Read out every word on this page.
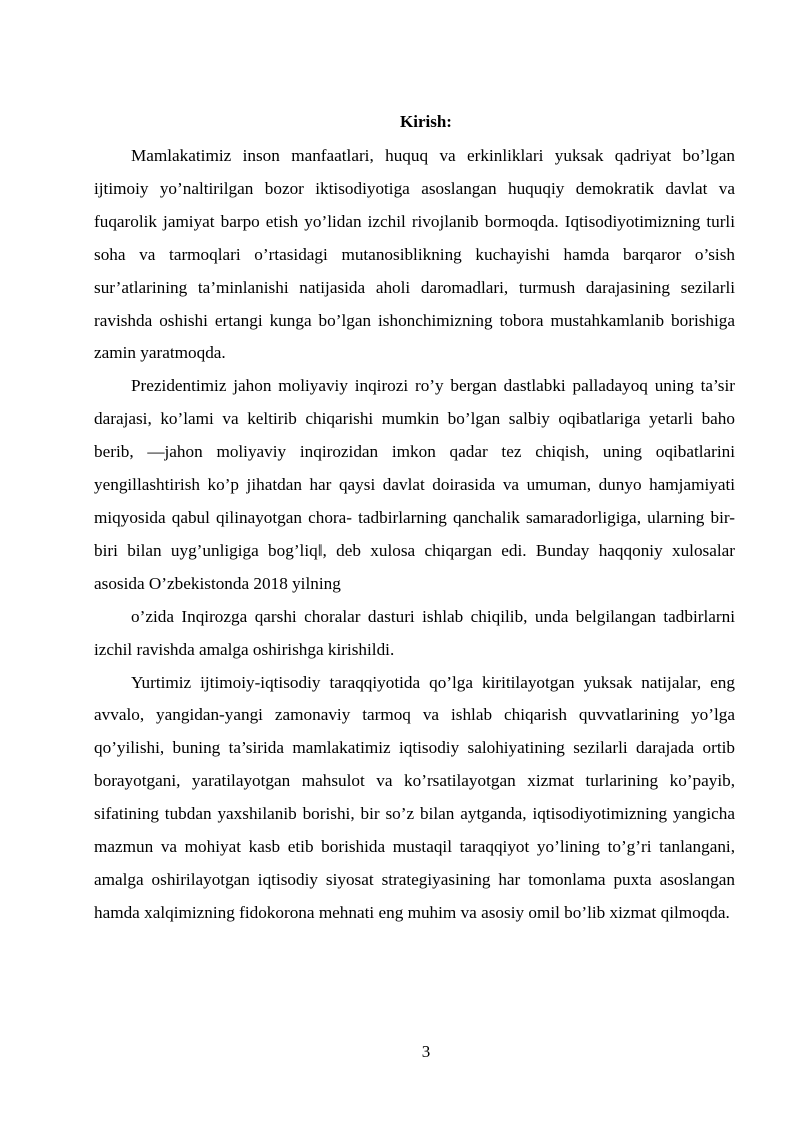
Kirish:

Mamlakatimiz inson manfaatlari, huquq va erkinliklari yuksak qadriyat bo’lgan ijtimoiy yo’naltirilgan bozor iktisodiyotiga asoslangan huquqiy demokratik davlat va fuqarolik jamiyat barpo etish yo’lidan izchil rivojlanib bormoqda. Iqtisodiyotimizning turli soha va tarmoqlari o’rtasidagi mutanosiblikning kuchayishi hamda barqaror o’sish sur’atlarining ta’minlanishi natijasida aholi daromadlari, turmush darajasining sezilarli ravishda oshishi ertangi kunga bo’lgan ishonchimizning tobora mustahkamlanib borishiga zamin yaratmoqda.

Prezidentimiz jahon moliyaviy inqirozi ro’y bergan dastlabki palladayoq uning ta’sir darajasi, ko’lami va keltirib chiqarishi mumkin bo’lgan salbiy oqibatlariga yetarli baho berib, ―jahon moliyaviy inqirozidan imkon qadar tez chiqish, uning oqibatlarini yengillashtirish ko’p jihatdan har qaysi davlat doirasida va umuman, dunyo hamjamiyati miqyosida qabul qilinayotgan chora- tadbirlarning qanchalik samaradorligiga, ularning bir-biri bilan uyg’unligiga bog’liq‖, deb xulosa chiqargan edi. Bunday haqqoniy xulosalar asosida O’zbekistonda 2018 yilning

o’zida Inqirozga qarshi choralar dasturi ishlab chiqilib, unda belgilangan tadbirlarni izchil ravishda amalga oshirishga kirishildi.

Yurtimiz ijtimoiy-iqtisodiy taraqqiyotida qo’lga kiritilayotgan yuksak natijalar, eng avvalo, yangidan-yangi zamonaviy tarmoq va ishlab chiqarish quvvatlarining yo’lga qo’yilishi, buning ta’sirida mamlakatimiz iqtisodiy salohiyatining sezilarli darajada ortib borayotgani, yaratilayotgan mahsulot va ko’rsatilayotgan xizmat turlarining ko’payib, sifatining tubdan yaxshilanib borishi, bir so’z bilan aytganda, iqtisodiyotimizning yangicha mazmun va mohiyat kasb etib borishida mustaqil taraqqiyot yo’lining to’g’ri tanlangani, amalga oshirilayotgan iqtisodiy siyosat strategiyasining har tomonlama puxta asoslangan hamda xalqimizning fidokorona mehnati eng muhim va asosiy omil bo’lib xizmat qilmoqda.

3
